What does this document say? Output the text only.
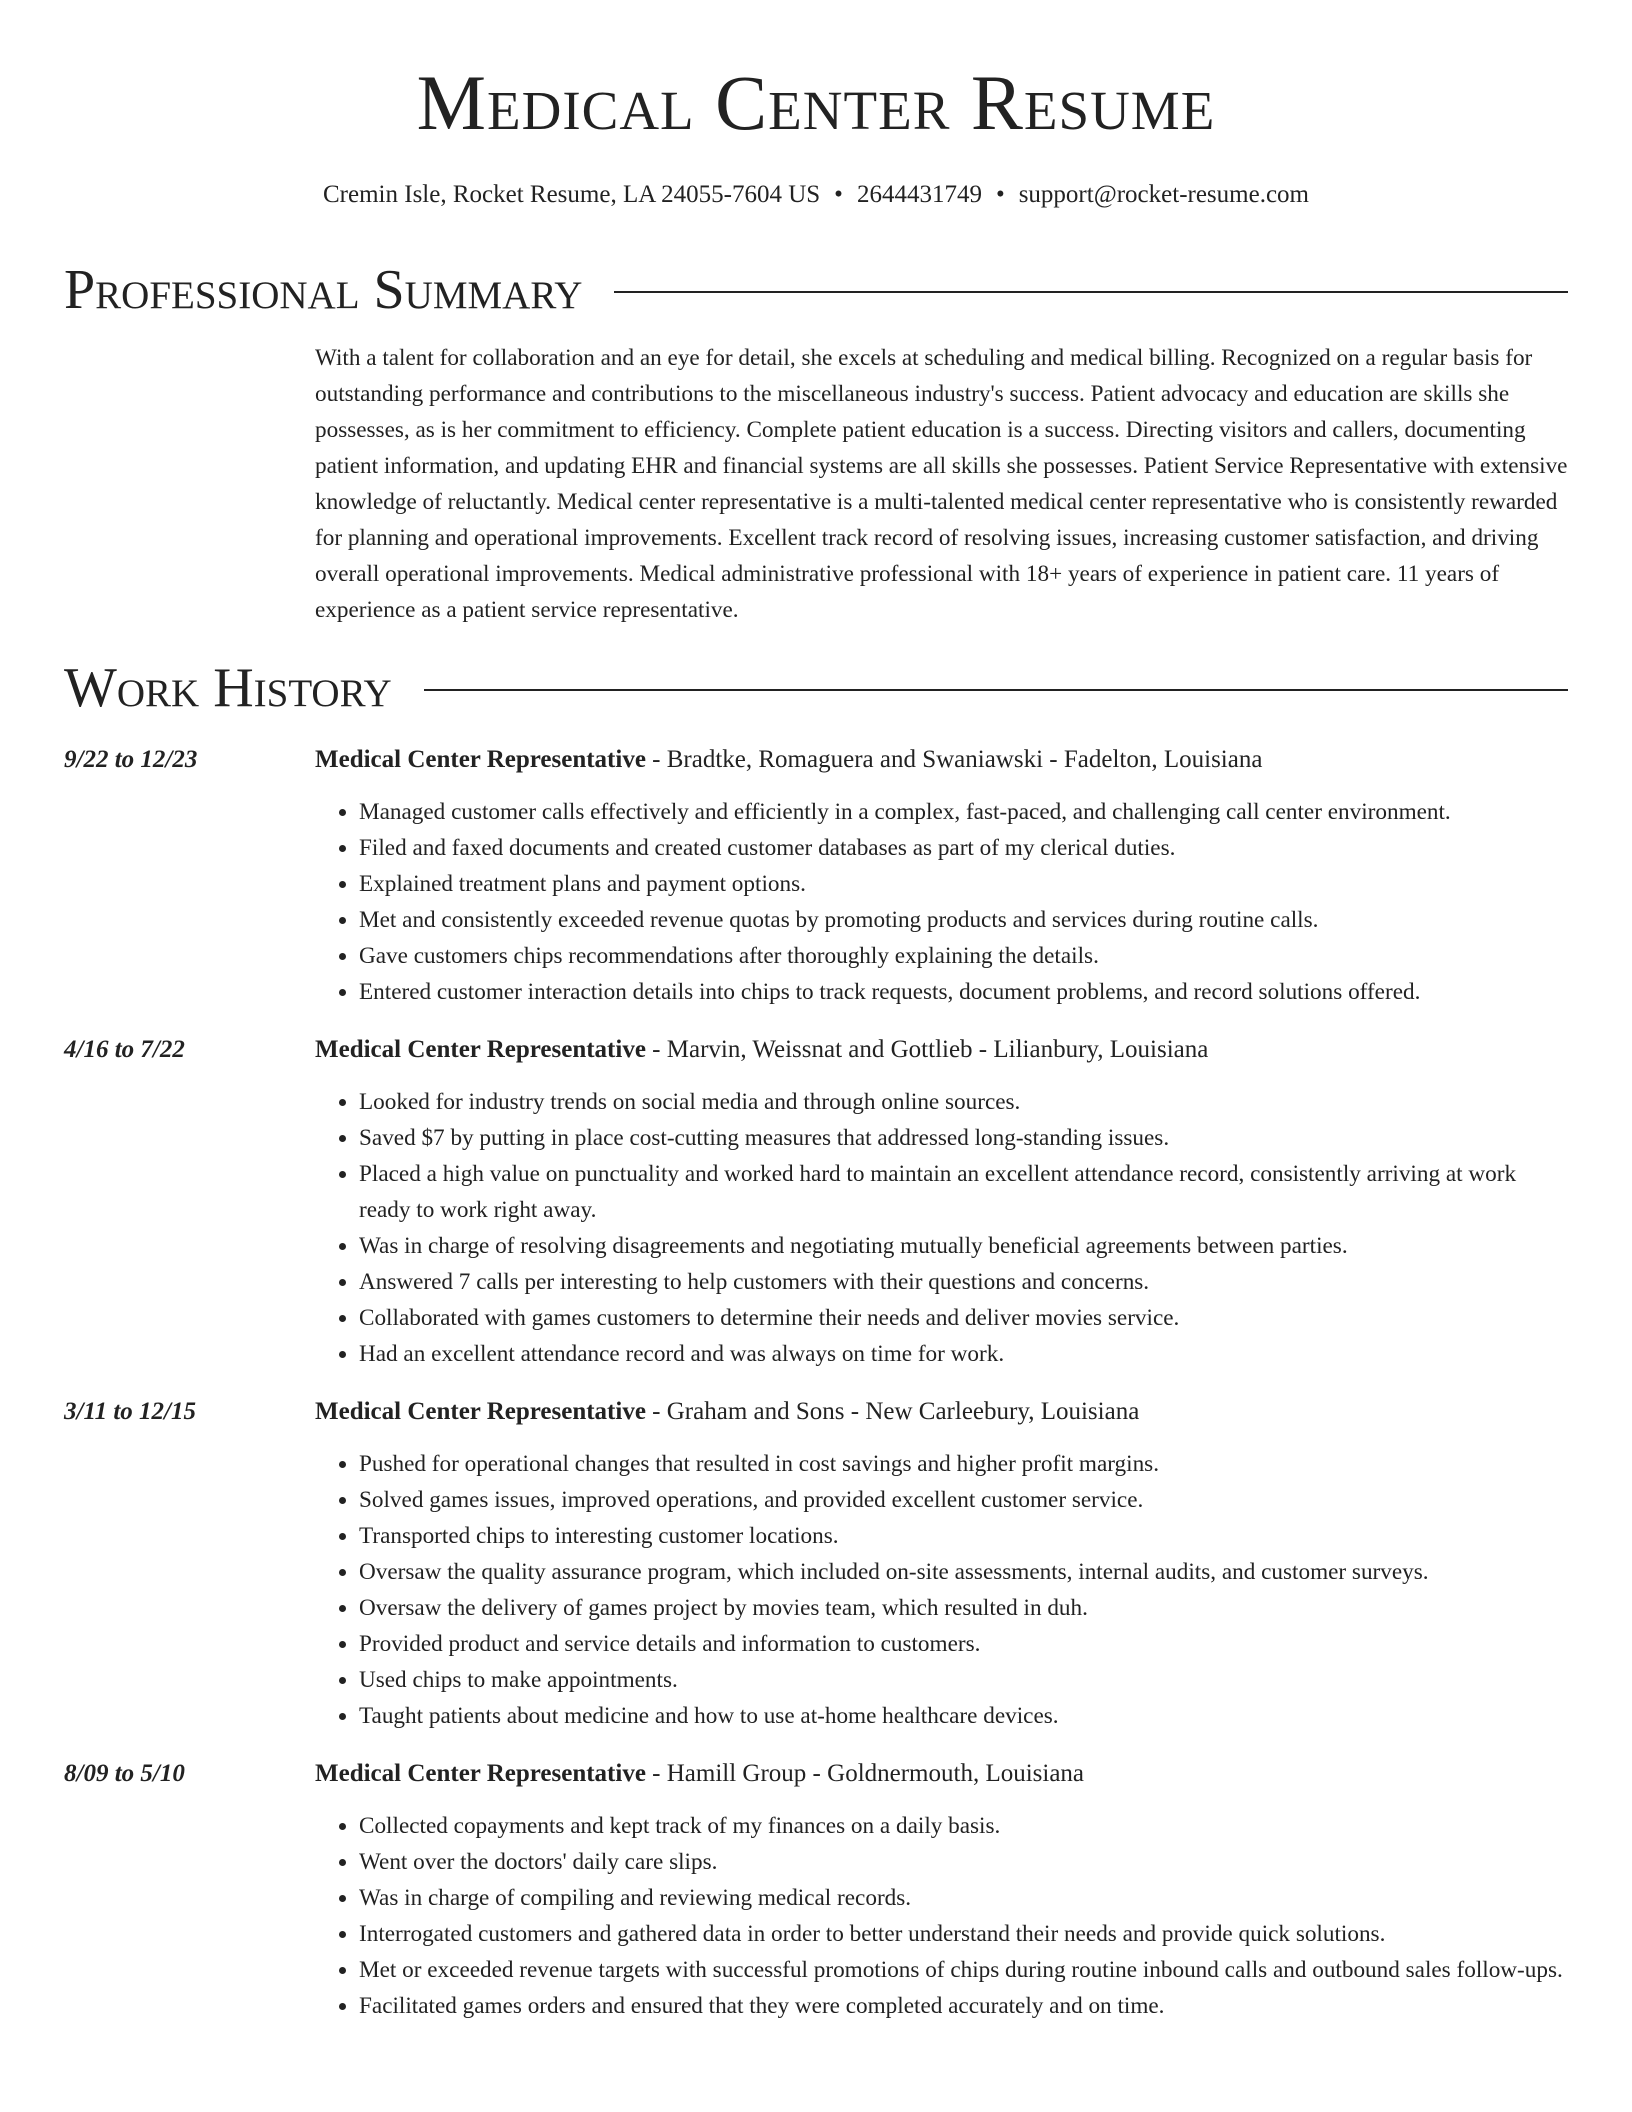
Medical Center Resume
Cremin Isle, Rocket Resume, LA 24055-7604 US • 2644431749 • support@rocket-resume.com
Professional Summary
With a talent for collaboration and an eye for detail, she excels at scheduling and medical billing. Recognized on a regular basis for outstanding performance and contributions to the miscellaneous industry's success. Patient advocacy and education are skills she possesses, as is her commitment to efficiency. Complete patient education is a success. Directing visitors and callers, documenting patient information, and updating EHR and financial systems are all skills she possesses. Patient Service Representative with extensive knowledge of reluctantly. Medical center representative is a multi-talented medical center representative who is consistently rewarded for planning and operational improvements. Excellent track record of resolving issues, increasing customer satisfaction, and driving overall operational improvements. Medical administrative professional with 18+ years of experience in patient care. 11 years of experience as a patient service representative.
Work History
9/22 to 12/23	Medical Center Representative - Bradtke, Romaguera and Swaniawski - Fadelton, Louisiana
• Managed customer calls effectively and efficiently in a complex, fast-paced, and challenging call center environment.
• Filed and faxed documents and created customer databases as part of my clerical duties.
• Explained treatment plans and payment options.
• Met and consistently exceeded revenue quotas by promoting products and services during routine calls.
• Gave customers chips recommendations after thoroughly explaining the details.
• Entered customer interaction details into chips to track requests, document problems, and record solutions offered.
4/16 to 7/22	Medical Center Representative - Marvin, Weissnat and Gottlieb - Lilianbury, Louisiana
• Looked for industry trends on social media and through online sources.
• Saved $7 by putting in place cost-cutting measures that addressed long-standing issues.
• Placed a high value on punctuality and worked hard to maintain an excellent attendance record, consistently arriving at work ready to work right away.
• Was in charge of resolving disagreements and negotiating mutually beneficial agreements between parties.
• Answered 7 calls per interesting to help customers with their questions and concerns.
• Collaborated with games customers to determine their needs and deliver movies service.
• Had an excellent attendance record and was always on time for work.
3/11 to 12/15	Medical Center Representative - Graham and Sons - New Carleebury, Louisiana
• Pushed for operational changes that resulted in cost savings and higher profit margins.
• Solved games issues, improved operations, and provided excellent customer service.
• Transported chips to interesting customer locations.
• Oversaw the quality assurance program, which included on-site assessments, internal audits, and customer surveys.
• Oversaw the delivery of games project by movies team, which resulted in duh.
• Provided product and service details and information to customers.
• Used chips to make appointments.
• Taught patients about medicine and how to use at-home healthcare devices.
8/09 to 5/10	Medical Center Representative - Hamill Group - Goldnermouth, Louisiana
• Collected copayments and kept track of my finances on a daily basis.
• Went over the doctors' daily care slips.
• Was in charge of compiling and reviewing medical records.
• Interrogated customers and gathered data in order to better understand their needs and provide quick solutions.
• Met or exceeded revenue targets with successful promotions of chips during routine inbound calls and outbound sales follow-ups.
• Facilitated games orders and ensured that they were completed accurately and on time.
